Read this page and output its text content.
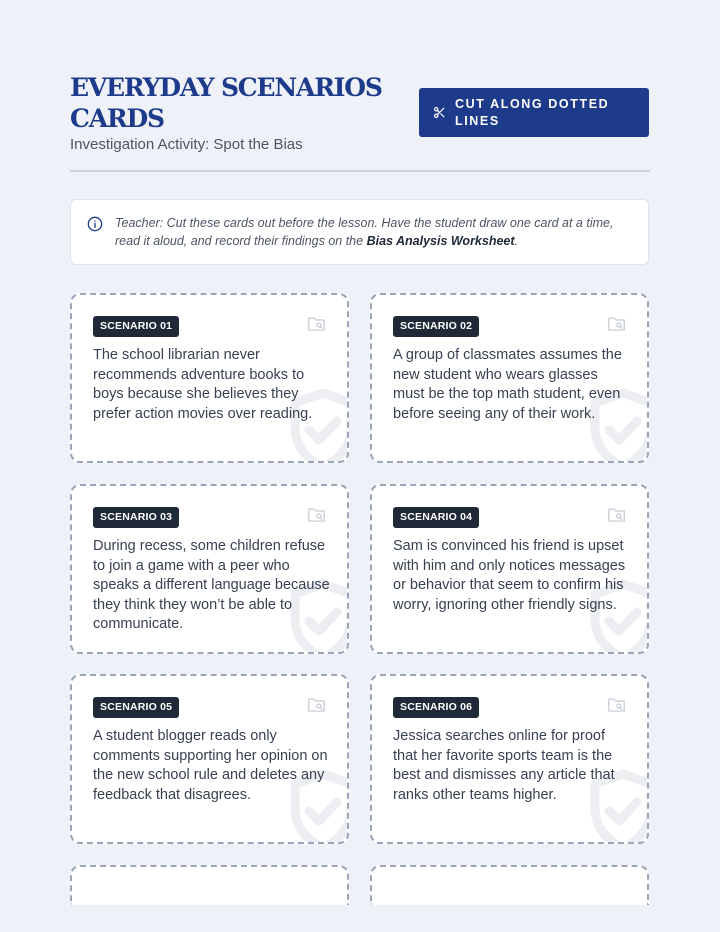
EVERYDAY SCENARIOS CARDS
Investigation Activity: Spot the Bias
CUT ALONG DOTTED LINES
Teacher: Cut these cards out before the lesson. Have the student draw one card at a time, read it aloud, and record their findings on the Bias Analysis Worksheet.
SCENARIO 01
The school librarian never recommends adventure books to boys because she believes they prefer action movies over reading.
SCENARIO 02
A group of classmates assumes the new student who wears glasses must be the top math student, even before seeing any of their work.
SCENARIO 03
During recess, some children refuse to join a game with a peer who speaks a different language because they think they won’t be able to communicate.
SCENARIO 04
Sam is convinced his friend is upset with him and only notices messages or behavior that seem to confirm his worry, ignoring other friendly signs.
SCENARIO 05
A student blogger reads only comments supporting her opinion on the new school rule and deletes any feedback that disagrees.
SCENARIO 06
Jessica searches online for proof that her favorite sports team is the best and dismisses any article that ranks other teams higher.
